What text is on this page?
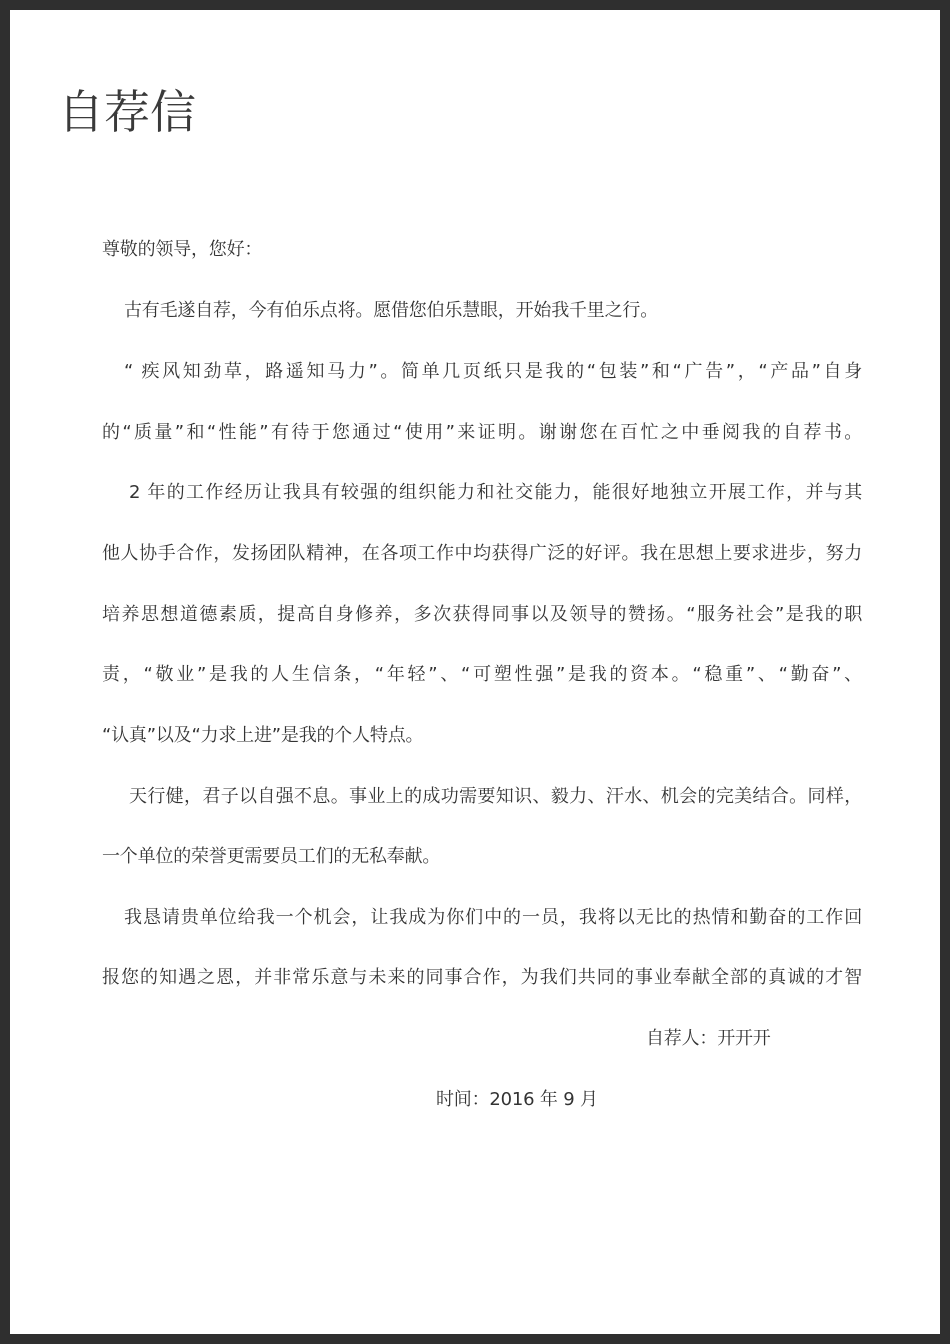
自荐信
尊敬的领导，您好：
古有毛遂自荐，今有伯乐点将。愿借您伯乐慧眼，开始我千里之行。
“ 疾风知劲草，路遥知马力”。简单几页纸只是我的“包装”和“广告”，“产品”自身
的“质量”和“性能”有待于您通过“使用”来证明。谢谢您在百忙之中垂阅我的自荐书。
2 年的工作经历让我具有较强的组织能力和社交能力，能很好地独立开展工作，并与其
他人协手合作，发扬团队精神，在各项工作中均获得广泛的好评。我在思想上要求进步，努力
培养思想道德素质，提高自身修养，多次获得同事以及领导的赞扬。“服务社会”是我的职
责，“敬业”是我的人生信条，“年轻”、“可塑性强”是我的资本。“稳重”、“勤奋”、
“认真”以及“力求上进”是我的个人特点。
天行健，君子以自强不息。事业上的成功需要知识、毅力、汗水、机会的完美结合。同样，
一个单位的荣誉更需要员工们的无私奉献。
我恳请贵单位给我一个机会，让我成为你们中的一员，我将以无比的热情和勤奋的工作回
报您的知遇之恩，并非常乐意与未来的同事合作，为我们共同的事业奉献全部的真诚的才智
自荐人：开开开
时间：2016 年 9 月
